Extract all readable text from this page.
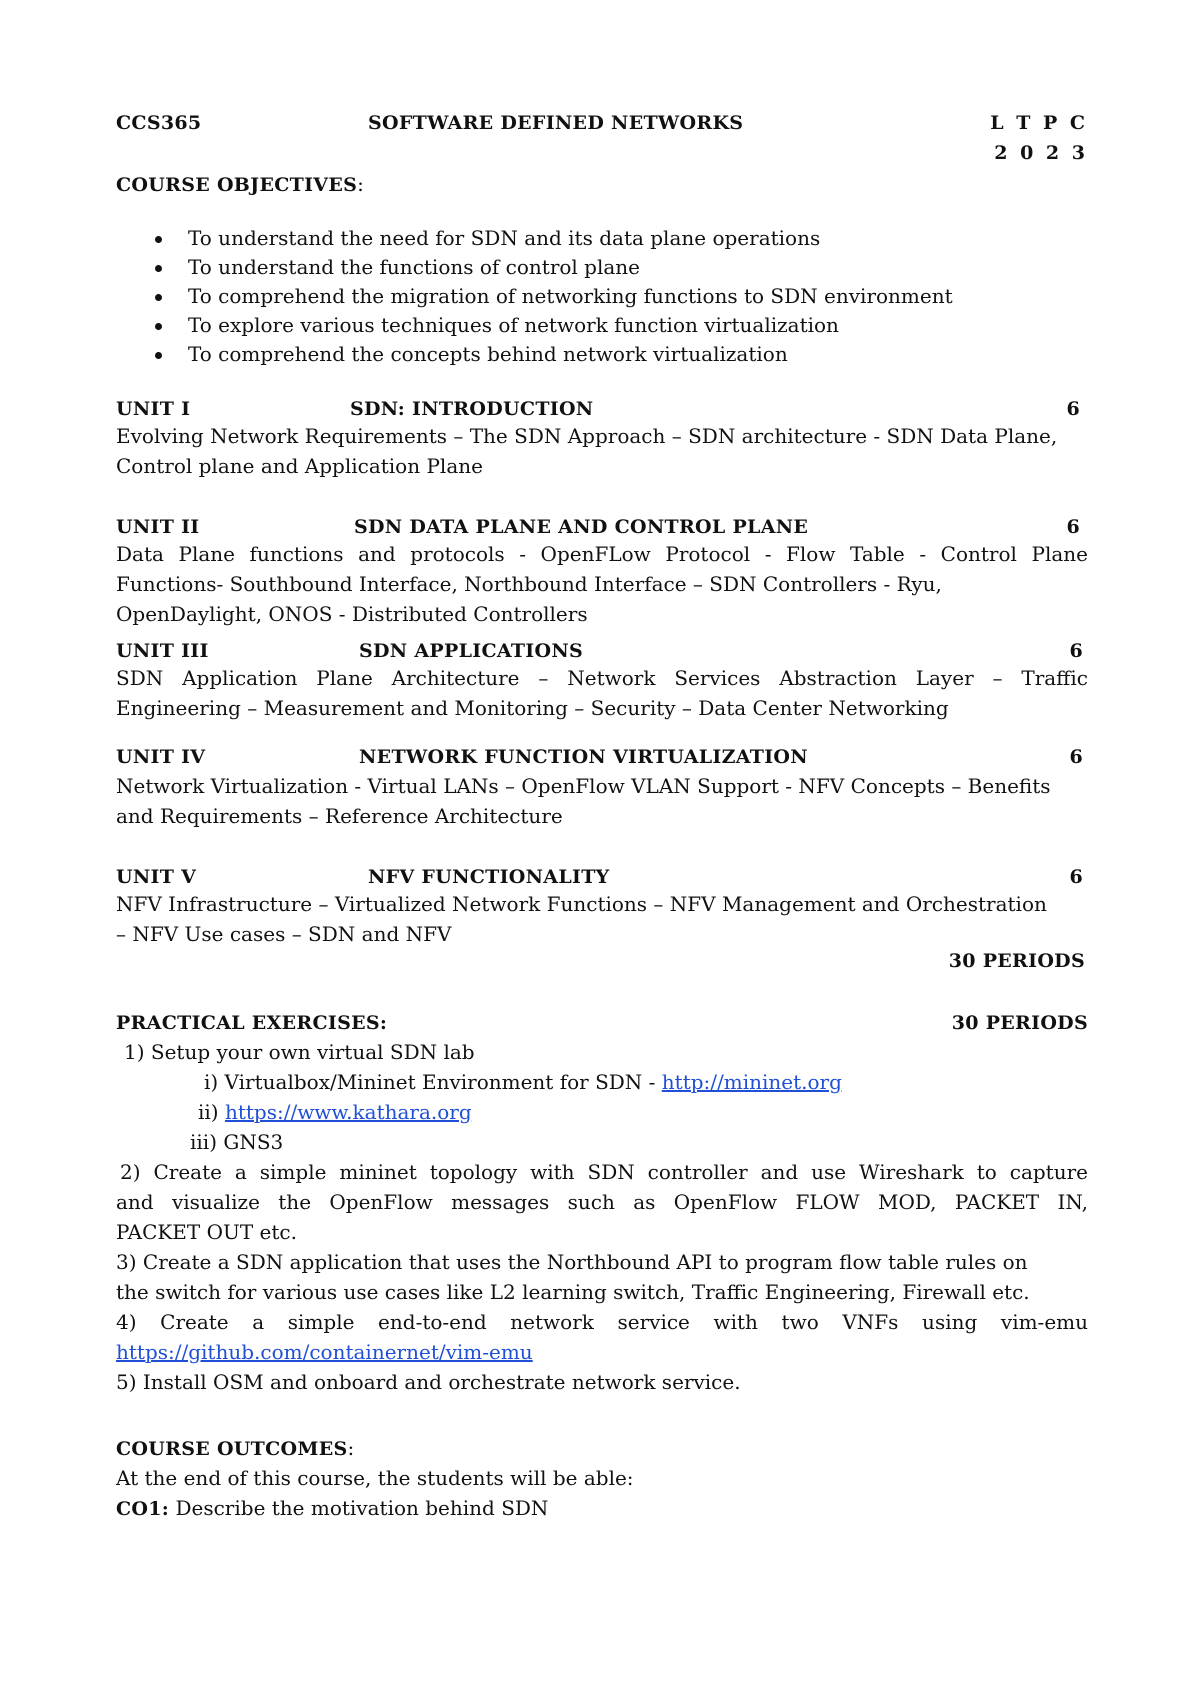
CCS365	SOFTWARE DEFINED NETWORKS	L T P C
2 0 2 3
COURSE OBJECTIVES:
To understand the need for SDN and its data plane operations
To understand the functions of control plane
To comprehend the migration of networking functions to SDN environment
To explore various techniques of network function virtualization
To comprehend the concepts behind network virtualization
UNIT I	SDN: INTRODUCTION	6
Evolving Network Requirements – The SDN Approach – SDN architecture - SDN Data Plane,
Control plane and Application Plane
UNIT II	SDN DATA PLANE AND CONTROL PLANE	6
Data Plane functions and protocols - OpenFLow Protocol - Flow Table - Control Plane
Functions- Southbound Interface, Northbound Interface – SDN Controllers - Ryu,
OpenDaylight, ONOS - Distributed Controllers
UNIT III	SDN APPLICATIONS	6
SDN Application Plane Architecture – Network Services Abstraction Layer – Traffic
Engineering – Measurement and Monitoring – Security – Data Center Networking
UNIT IV	NETWORK FUNCTION VIRTUALIZATION	6
Network Virtualization - Virtual LANs – OpenFlow VLAN Support - NFV Concepts – Benefits
and Requirements – Reference Architecture
UNIT V	NFV FUNCTIONALITY	6
NFV Infrastructure – Virtualized Network Functions – NFV Management and Orchestration
– NFV Use cases – SDN and NFV
30 PERIODS
PRACTICAL EXERCISES:	30 PERIODS
1) Setup your own virtual SDN lab
i) Virtualbox/Mininet Environment for SDN - http://mininet.org
ii) https://www.kathara.org
iii) GNS3
2) Create a simple mininet topology with SDN controller and use Wireshark to capture
and visualize the OpenFlow messages such as OpenFlow FLOW MOD, PACKET IN,
PACKET OUT etc.
3) Create a SDN application that uses the Northbound API to program flow table rules on
the switch for various use cases like L2 learning switch, Traffic Engineering, Firewall etc.
4) Create a simple end-to-end network service with two VNFs using vim-emu
https://github.com/containernet/vim-emu
5) Install OSM and onboard and orchestrate network service.
COURSE OUTCOMES:
At the end of this course, the students will be able:
CO1: Describe the motivation behind SDN
